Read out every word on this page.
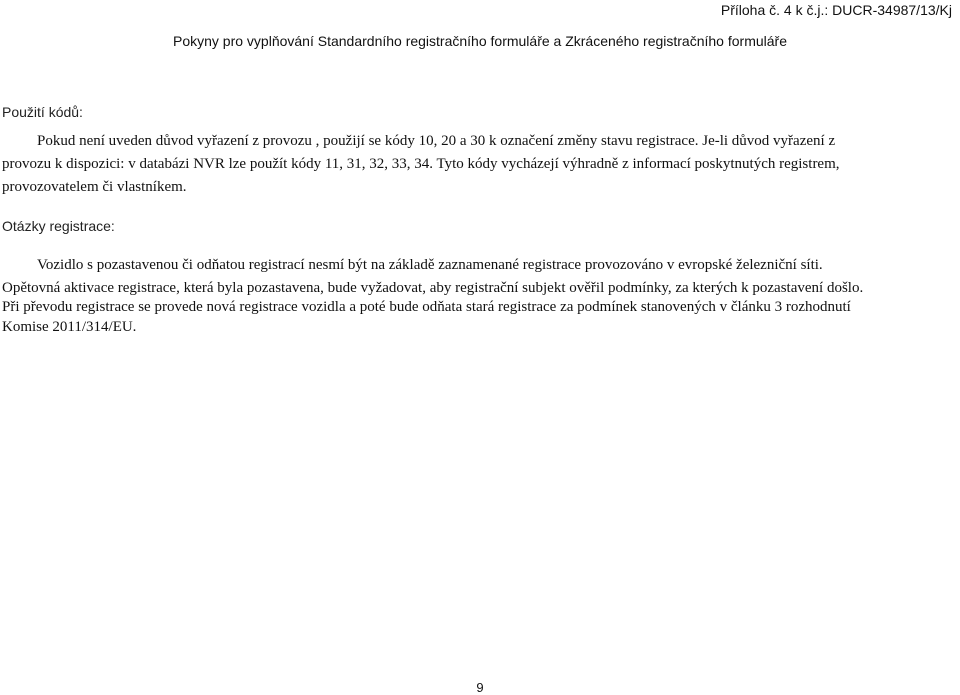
Příloha č. 4 k č.j.: DUCR-34987/13/Kj
Pokyny pro vyplňování Standardního registračního formuláře a Zkráceného registračního formuláře
Použití kódů:
Pokud není uveden důvod vyřazení z provozu , použijí se kódy 10, 20 a 30 k označení změny stavu registrace. Je-li důvod vyřazení z
provozu k dispozici: v databázi NVR lze použít kódy 11, 31, 32, 33, 34. Tyto kódy vycházejí výhradně z informací poskytnutých registrem,
provozovatelem či vlastníkem.
Otázky registrace:
Vozidlo s pozastavenou či odňatou registrací nesmí být na základě zaznamenané registrace provozováno v evropské železniční síti.
Opětovná aktivace registrace, která byla pozastavena, bude vyžadovat, aby registrační subjekt ověřil podmínky, za kterých k pozastavení došlo.
Při převodu registrace se provede nová registrace vozidla a poté bude odňata stará registrace za podmínek stanovených v článku 3 rozhodnutí
Komise 2011/314/EU.
9
